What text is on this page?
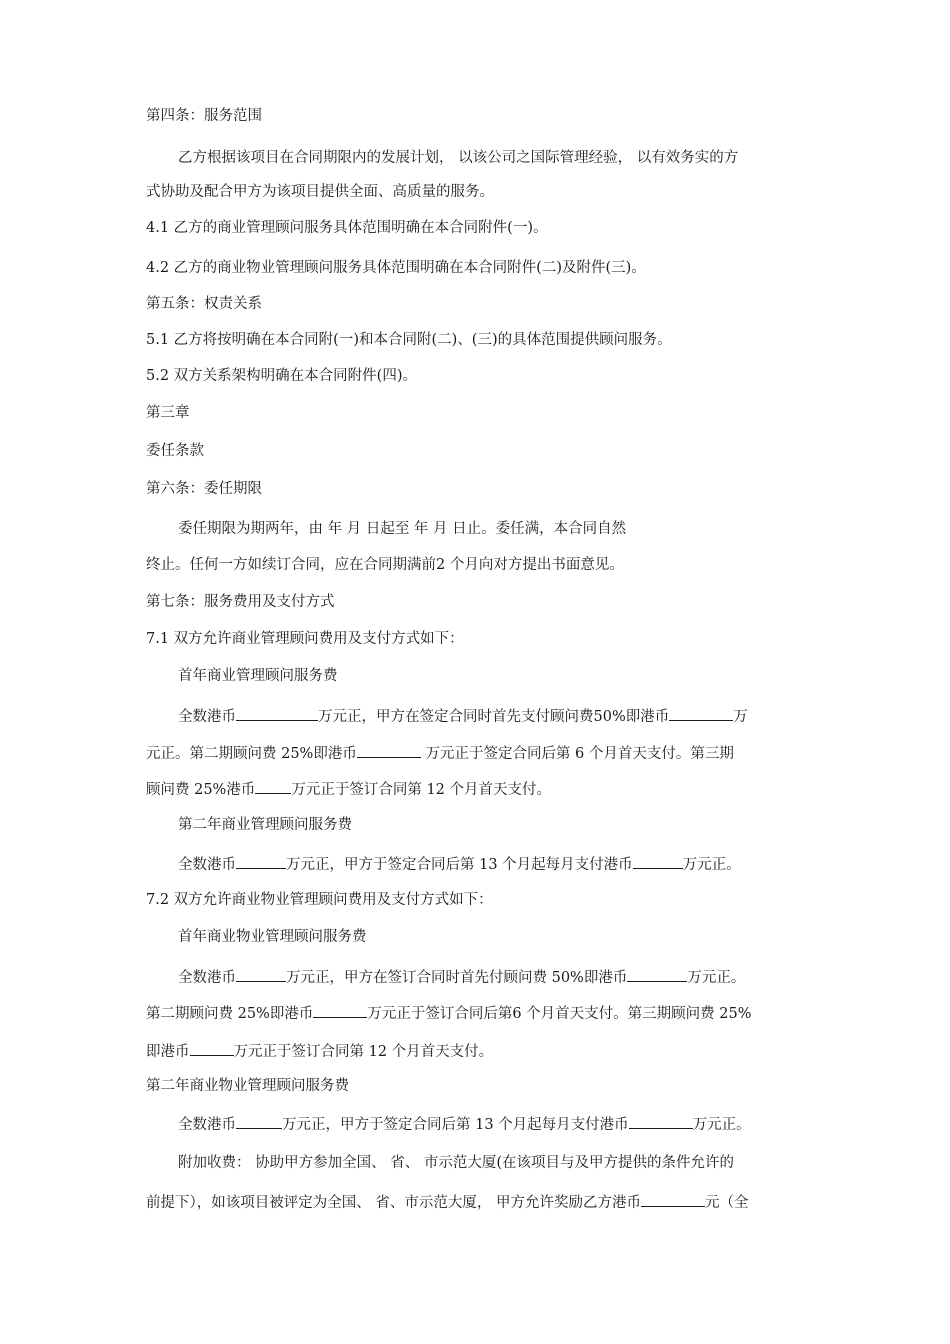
第四条：服务范围

乙方根据该项目在合同期限内的发展计划， 以该公司之国际管理经验， 以有效务实的方

式协助及配合甲方为该项目提供全面、高质量的服务。

4.1 乙方的商业管理顾问服务具体范围明确在本合同附件(一)。

4.2 乙方的商业物业管理顾问服务具体范围明确在本合同附件(二)及附件(三)。

第五条：权责关系

5.1 乙方将按明确在本合同附(一)和本合同附(二)、(三)的具体范围提供顾问服务。

5.2 双方关系架构明确在本合同附件(四)。

第三章

委任条款

第六条：委任期限

委任期限为期两年，由 年 月 日起至 年 月 日止。委任满，本合同自然

终止。任何一方如续订合同，应在合同期满前2 个月向对方提出书面意见。

第七条：服务费用及支付方式

7.1 双方允许商业管理顾问费用及支付方式如下：

首年商业管理顾问服务费

全数港币	万元正，甲方在签定合同时首先支付顾问费50%即港币	万

元正。第二期顾问费 25%即港币	万元正于签定合同后第 6 个月首天支付。第三期

顾问费 25%港币 万元正于签订合同第 12 个月首天支付。

第二年商业管理顾问服务费

全数港币	万元正，甲方于签定合同后第 13 个月起每月支付港币	万元正。

7.2 双方允许商业物业管理顾问费用及支付方式如下：

首年商业物业管理顾问服务费

全数港币	万元正，甲方在签订合同时首先付顾问费 50%即港币	万元正。

第二期顾问费 25%即港币	万元正于签订合同后第6 个月首天支付。第三期顾问费 25%

即港币	万元正于签订合同第 12 个月首天支付。

第二年商业物业管理顾问服务费

全数港币	万元正，甲方于签定合同后第 13 个月起每月支付港币	万元正。

附加收费： 协助甲方参加全国、 省、 市示范大厦(在该项目与及甲方提供的条件允许的

前提下），如该项目被评定为全国、 省、市示范大厦， 甲方允许奖励乙方港币	元（全
